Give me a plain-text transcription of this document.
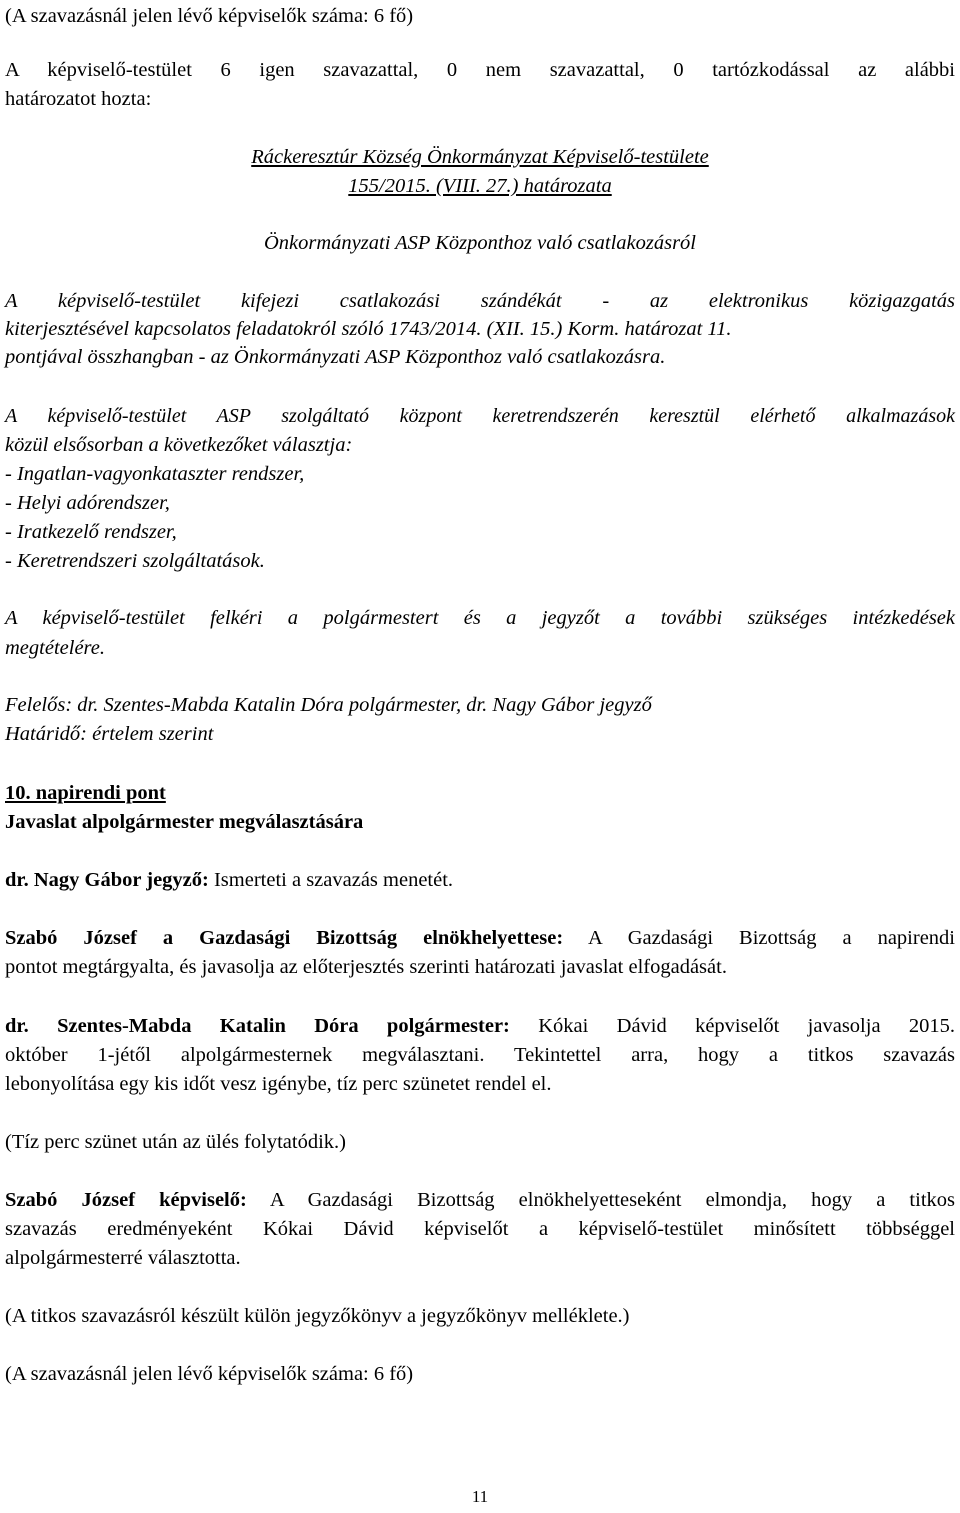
(A szavazásnál jelen lévő képviselők száma: 6 fő)
A képviselő-testület 6 igen szavazattal, 0 nem szavazattal, 0 tartózkodással az alábbi
határozatot hozta:
Ráckeresztúr Község Önkormányzat Képviselő-testülete
155/2015. (VIII. 27.) határozata
Önkormányzati ASP Központhoz való csatlakozásról
A képviselő-testület kifejezi csatlakozási szándékát - az elektronikus közigazgatás
kiterjesztésével kapcsolatos feladatokról szóló 1743/2014. (XII. 15.) Korm. határozat 11.
pontjával összhangban - az Önkormányzati ASP Központhoz való csatlakozásra.
A képviselő-testület ASP szolgáltató központ keretrendszerén keresztül elérhető alkalmazások
közül elsősorban a következőket választja:
- Ingatlan-vagyonkataszter rendszer,
- Helyi adórendszer,
- Iratkezelő rendszer,
- Keretrendszeri szolgáltatások.
A képviselő-testület felkéri a polgármestert és a jegyzőt a további szükséges intézkedések
megtételére.
Felelős: dr. Szentes-Mabda Katalin Dóra polgármester, dr. Nagy Gábor jegyző
Határidő: értelem szerint
10. napirendi pont
Javaslat alpolgármester megválasztására
dr. Nagy Gábor jegyző: Ismerteti a szavazás menetét.
Szabó József a Gazdasági Bizottság elnökhelyettese: A Gazdasági Bizottság a napirendi
pontot megtárgyalta, és javasolja az előterjesztés szerinti határozati javaslat elfogadását.
dr. Szentes-Mabda Katalin Dóra polgármester: Kókai Dávid képviselőt javasolja 2015.
október 1-jétől alpolgármesternek megválasztani. Tekintettel arra, hogy a titkos szavazás
lebonyolítása egy kis időt vesz igénybe, tíz perc szünetet rendel el.
(Tíz perc szünet után az ülés folytatódik.)
Szabó József képviselő: A Gazdasági Bizottság elnökhelyetteseként elmondja, hogy a titkos
szavazás eredményeként Kókai Dávid képviselőt a képviselő-testület minősített többséggel
alpolgármesterré választotta.
(A titkos szavazásról készült külön jegyzőkönyv a jegyzőkönyv melléklete.)
(A szavazásnál jelen lévő képviselők száma: 6 fő)
11
